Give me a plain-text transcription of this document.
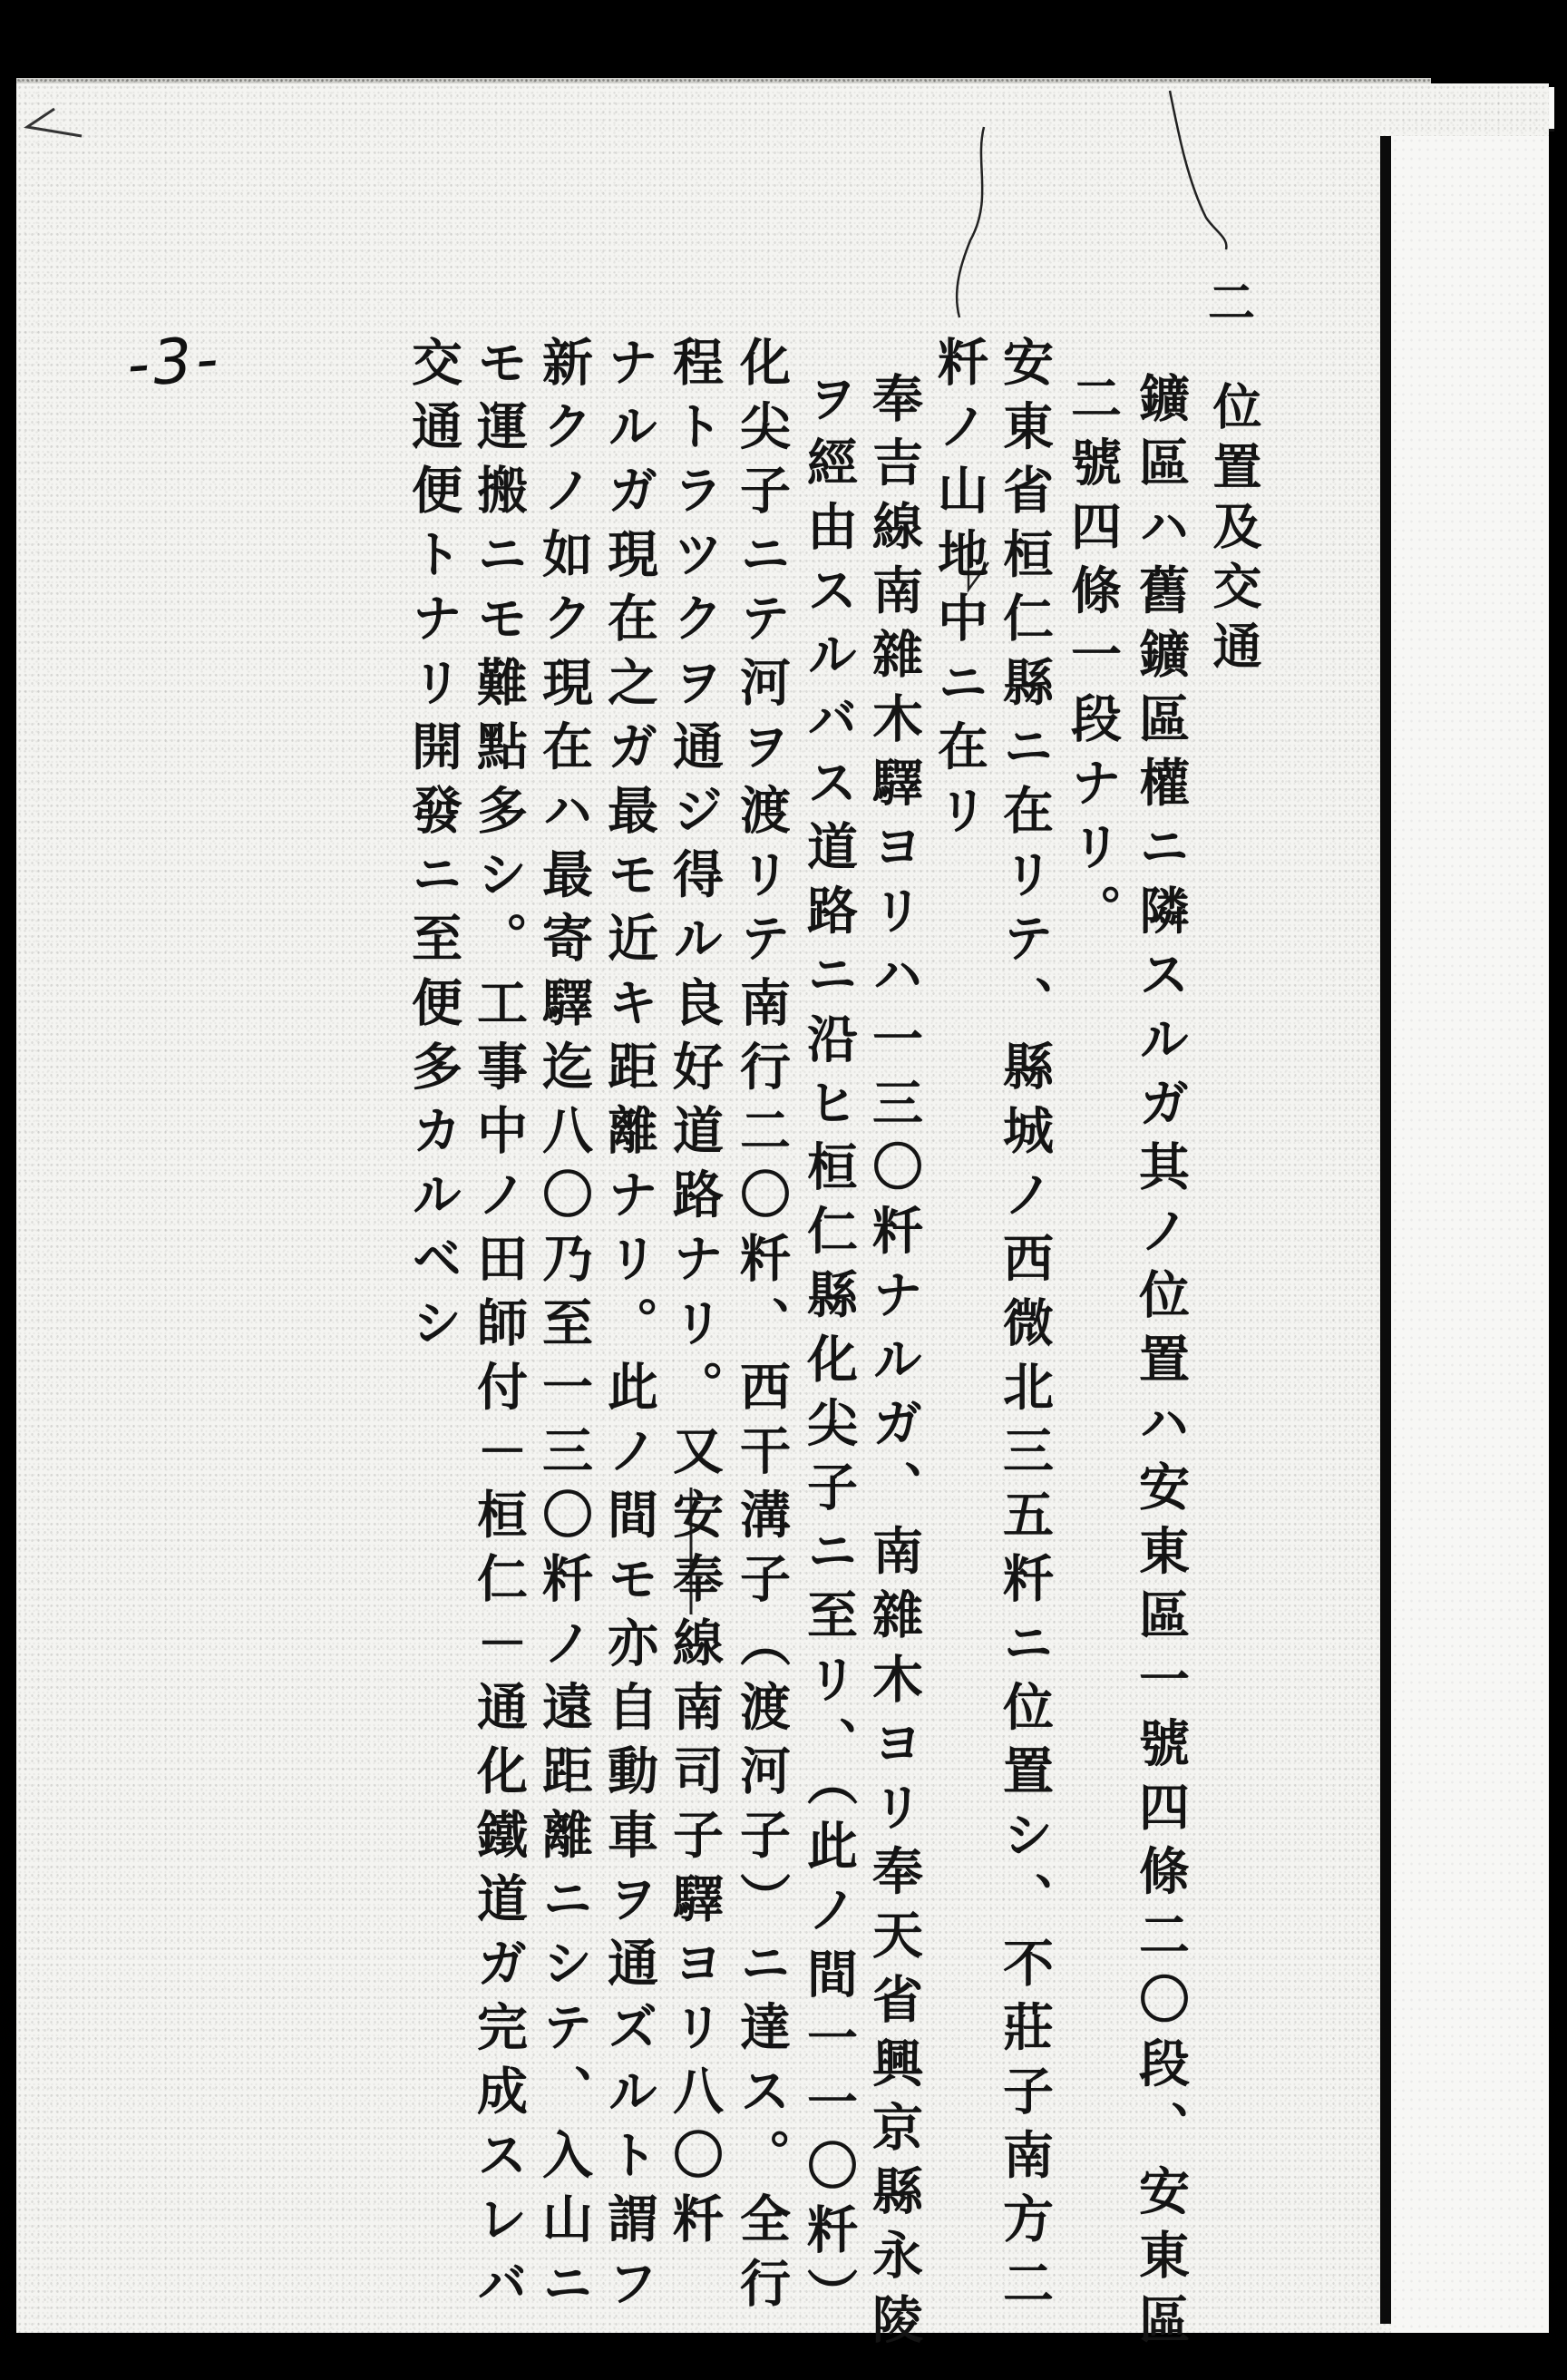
-3-
二
位置及交通
鑛區ハ舊鑛區權ニ隣スルガ其ノ位置ハ安東區一號四條二〇段、安東區
二號四條一段ナリ。
安東省桓仁縣ニ在リテ、縣城ノ西微北三五粁ニ位置シ、不莊子南方二
粁ノ山地中ニ在リ
奉吉線南雜木驛ヨリハ一三〇粁ナルガ、南雜木ヨリ奉天省興京縣永陵
ヲ經由スルバス道路ニ沿ヒ桓仁縣化尖子ニ至リ、（此ノ間一一〇粁）
化尖子ニテ河ヲ渡リテ南行二〇粁、西干溝子（渡河子）ニ達ス。全行
程トラツクヲ通ジ得ル良好道路ナリ。又安奉線南司子驛ヨリ八〇粁
ナルガ現在之ガ最モ近キ距離ナリ。此ノ間モ亦自動車ヲ通ズルト謂フ
新クノ如ク現在ハ最寄驛迄八〇乃至一三〇粁ノ遠距離ニシテ、入山ニ
モ運搬ニモ難點多シ。工事中ノ田師付－桓仁－通化鐵道ガ完成スレバ
交通便トナリ開發ニ至便多カルベシ
